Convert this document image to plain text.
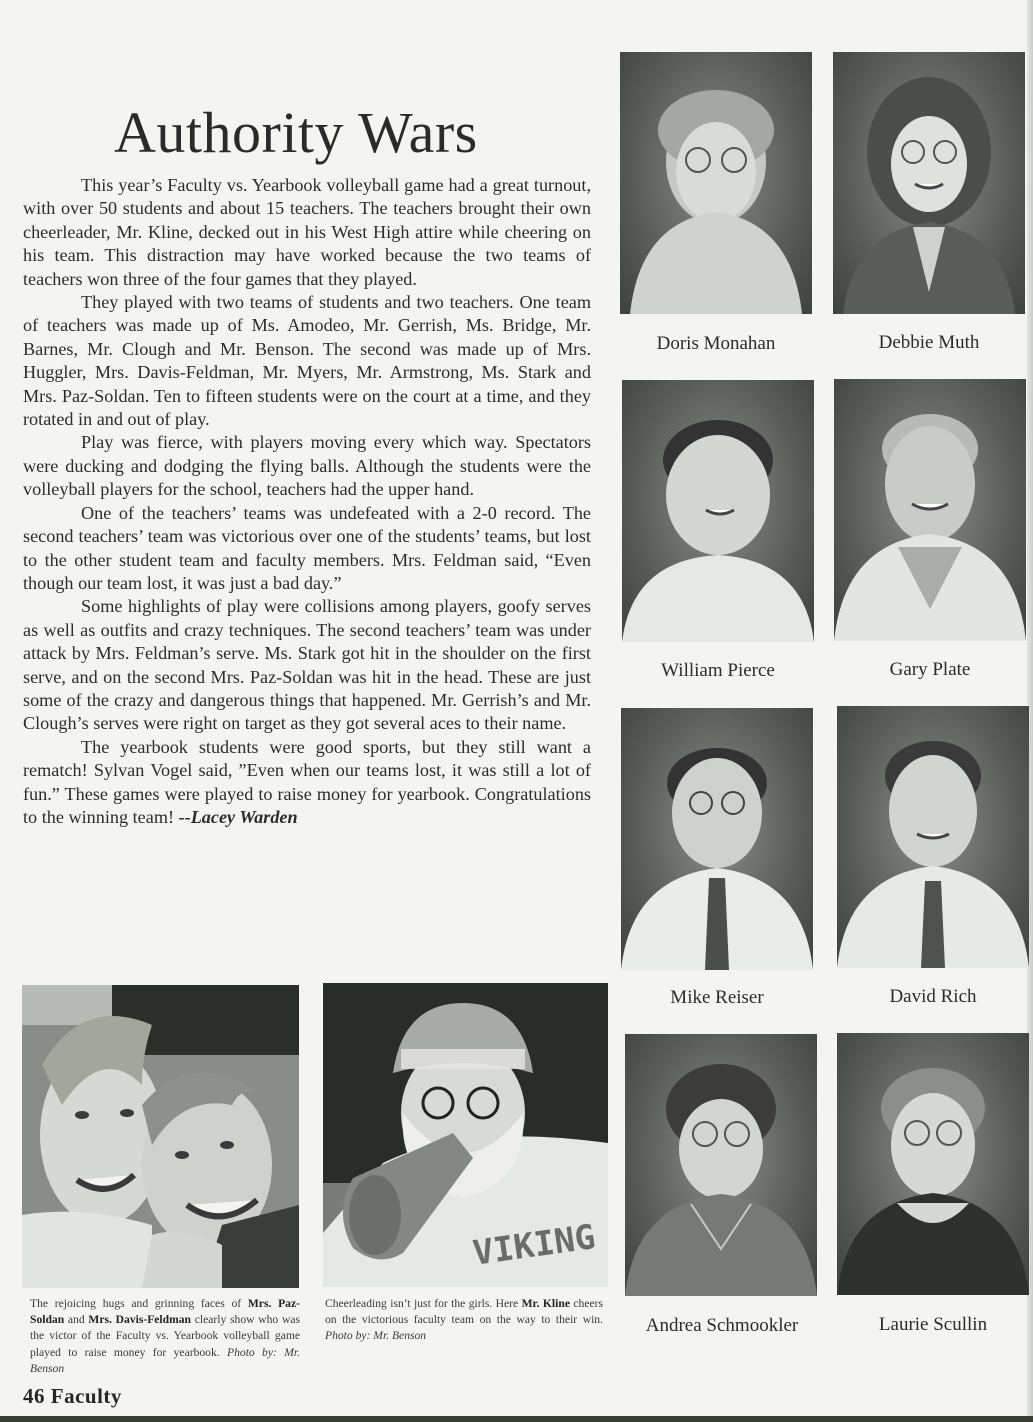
Authority Wars

This year’s Faculty vs. Yearbook volleyball game had a great turnout, with over 50 students and about 15 teachers. The teachers brought their own cheerleader, Mr. Kline, decked out in his West High attire while cheering on his team. This distraction may have worked because the two teams of teachers won three of the four games that they played.

They played with two teams of students and two teachers. One team of teachers was made up of Ms. Amodeo, Mr. Gerrish, Ms. Bridge, Mr. Barnes, Mr. Clough and Mr. Benson. The second was made up of Mrs. Huggler, Mrs. Davis-Feldman, Mr. Myers, Mr. Armstrong, Ms. Stark and Mrs. Paz-Soldan. Ten to fifteen students were on the court at a time, and they rotated in and out of play.

Play was fierce, with players moving every which way. Spectators were ducking and dodging the flying balls. Although the students were the volleyball players for the school, teachers had the upper hand.

One of the teachers’ teams was undefeated with a 2-0 record. The second teachers’ team was victorious over one of the students’ teams, but lost to the other student team and faculty members. Mrs. Feldman said, “Even though our team lost, it was just a bad day.”

Some highlights of play were collisions among players, goofy serves as well as outfits and crazy techniques. The second teachers’ team was under attack by Mrs. Feldman’s serve. Ms. Stark got hit in the shoulder on the first serve, and on the second Mrs. Paz-Soldan was hit in the head. These are just some of the crazy and dangerous things that happened. Mr. Gerrish’s and Mr. Clough’s serves were right on target as they got several aces to their name.

The yearbook students were good sports, but they still want a rematch! Sylvan Vogel said, ”Even when our teams lost, it was still a lot of fun.” These games were played to raise money for yearbook. Congratulations to the winning team! --Lacey Warden

The rejoicing hugs and grinning faces of Mrs. Paz-Soldan and Mrs. Davis-Feldman clearly show who was the victor of the Faculty vs. Yearbook volleyball game played to raise money for yearbook. Photo by: Mr. Benson
VIKING
Cheerleading isn’t just for the girls. Here Mr. Kline cheers on the victorious faculty team on the way to their win. Photo by: Mr. Benson
46 Faculty
Doris Monahan	Debbie Muth
William Pierce	Gary Plate
Mike Reiser	David Rich
Andrea Schmookler	Laurie Scullin
